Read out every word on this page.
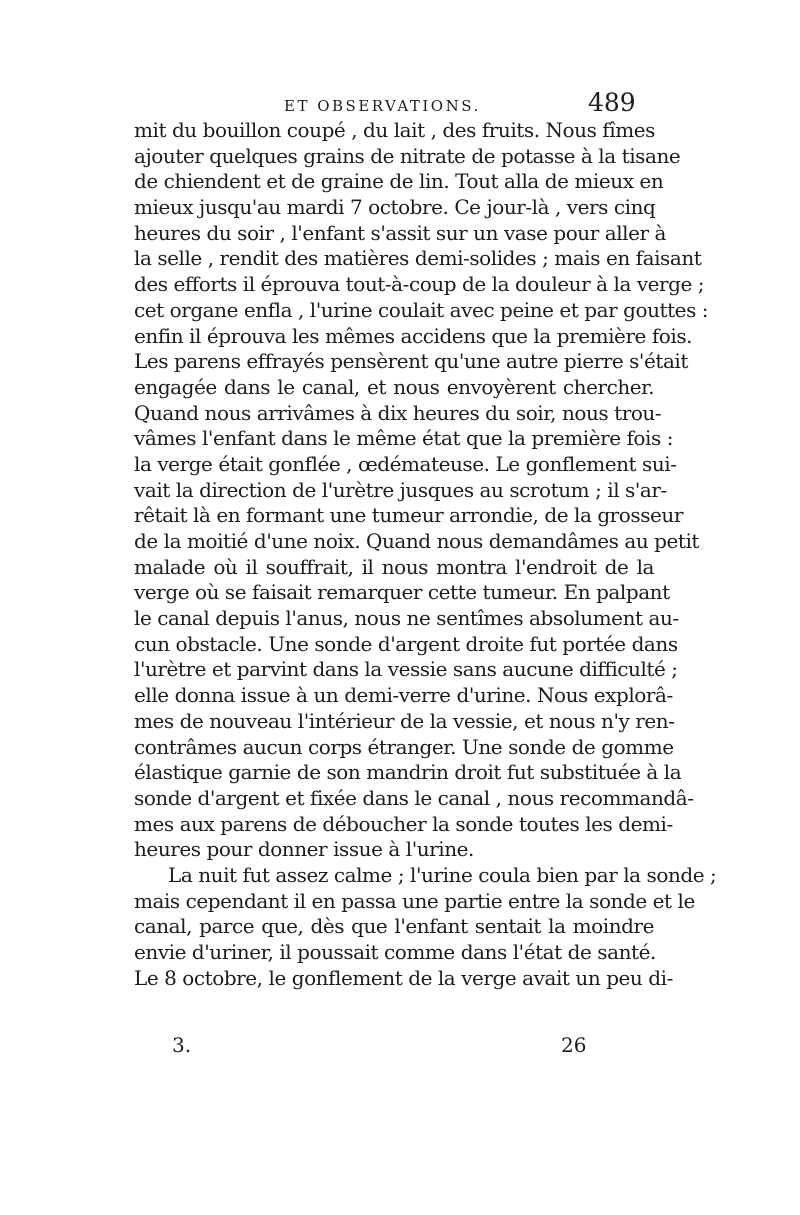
ET OBSERVATIONS.	489
mit du bouillon coupé , du lait , des fruits. Nous fîmes
ajouter quelques grains de nitrate de potasse à la tisane
de chiendent et de graine de lin. Tout alla de mieux en
mieux jusqu'au mardi 7 octobre. Ce jour-là , vers cinq
heures du soir , l'enfant s'assit sur un vase pour aller à
la selle , rendit des matières demi-solides ; mais en faisant
des efforts il éprouva tout-à-coup de la douleur à la verge ;
cet organe enfla , l'urine coulait avec peine et par gouttes :
enfin il éprouva les mêmes accidens que la première fois.
Les parens effrayés pensèrent qu'une autre pierre s'était
engagée dans le canal, et nous envoyèrent chercher.
Quand nous arrivâmes à dix heures du soir, nous trou-
vâmes l'enfant dans le même état que la première fois :
la verge était gonflée , œdémateuse. Le gonflement sui-
vait la direction de l'urètre jusques au scrotum ; il s'ar-
rêtait là en formant une tumeur arrondie, de la grosseur
de la moitié d'une noix. Quand nous demandâmes au petit
malade où il souffrait, il nous montra l'endroit de la
verge où se faisait remarquer cette tumeur. En palpant
le canal depuis l'anus, nous ne sentîmes absolument au-
cun obstacle. Une sonde d'argent droite fut portée dans
l'urètre et parvint dans la vessie sans aucune difficulté ;
elle donna issue à un demi-verre d'urine. Nous explorâ-
mes de nouveau l'intérieur de la vessie, et nous n'y ren-
contrâmes aucun corps étranger. Une sonde de gomme
élastique garnie de son mandrin droit fut substituée à la
sonde d'argent et fixée dans le canal , nous recommandâ-
mes aux parens de déboucher la sonde toutes les demi-
heures pour donner issue à l'urine.
La nuit fut assez calme ; l'urine coula bien par la sonde ;
mais cependant il en passa une partie entre la sonde et le
canal, parce que, dès que l'enfant sentait la moindre
envie d'uriner, il poussait comme dans l'état de santé.
Le 8 octobre, le gonflement de la verge avait un peu di-
3.	26
